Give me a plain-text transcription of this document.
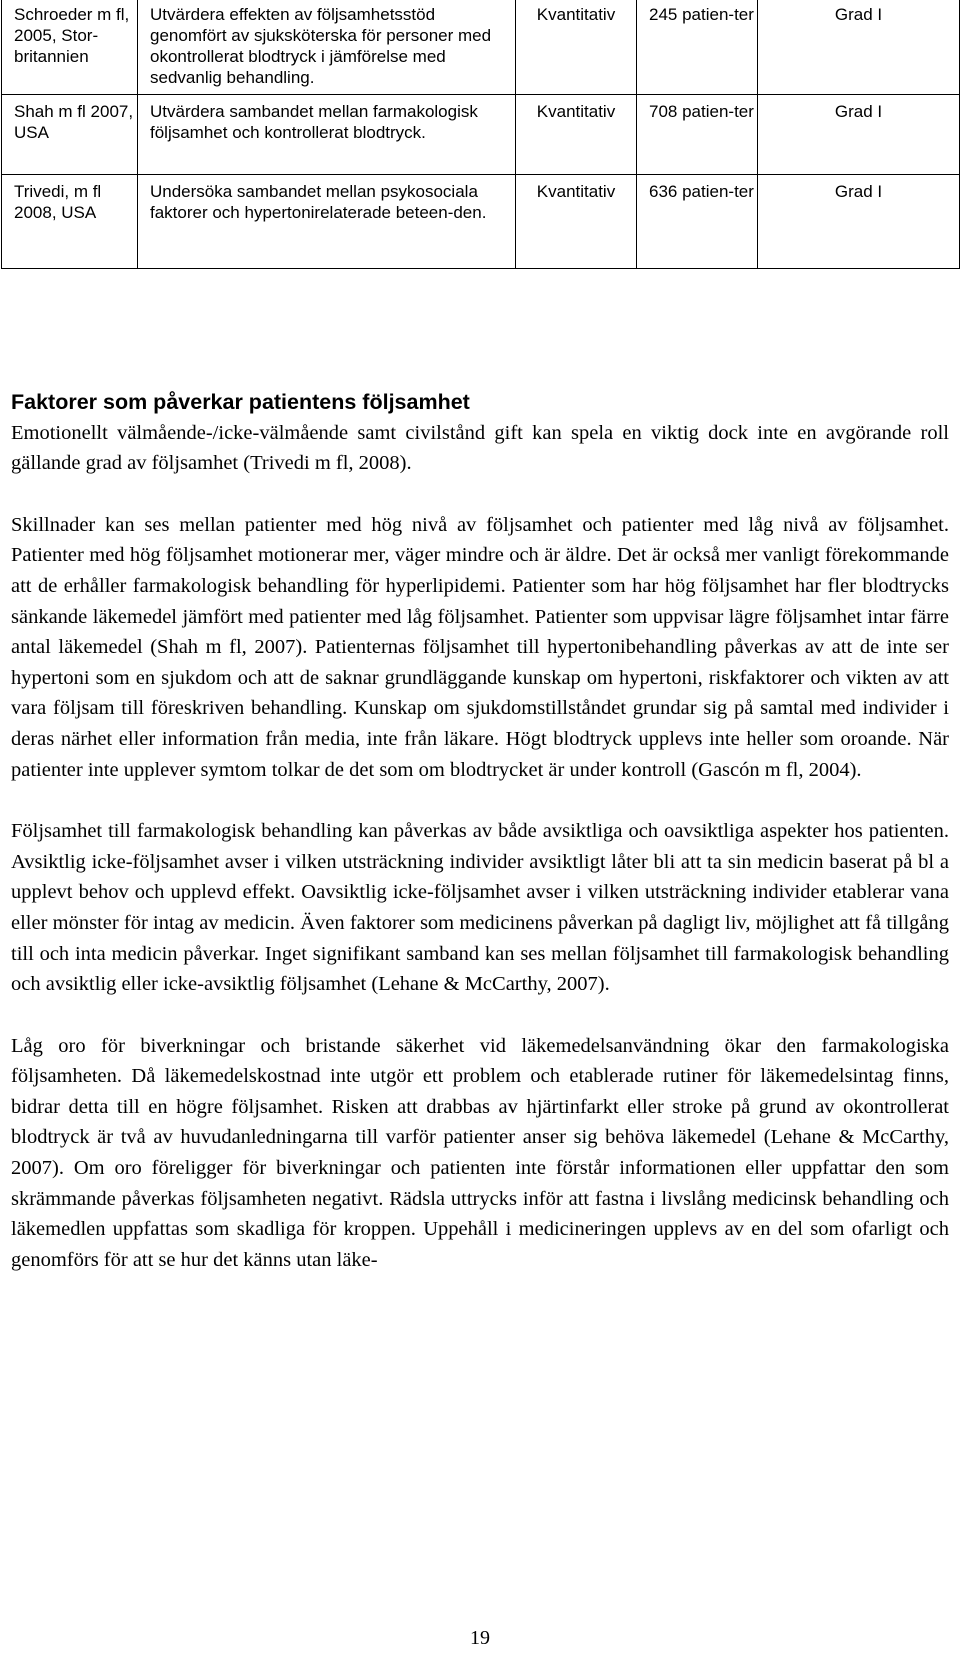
Schroeder m fl, 2005, Stor-britannien	Utvärdera effekten av följsamhetsstöd genomfört av sjuksköterska för personer med okontrollerat blodtryck i jämförelse med sedvanlig behandling.	Kvantitativ	245 patien-ter	Grad I
Shah m fl 2007, USA	Utvärdera sambandet mellan farmakologisk följsamhet och kontrollerat blodtryck.	Kvantitativ	708 patien-ter	Grad I
Trivedi, m fl 2008, USA	Undersöka sambandet mellan psykosociala faktorer och hypertonirelaterade beteen-den.	Kvantitativ	636 patien-ter	Grad I
Faktorer som påverkar patientens följsamhet

Emotionellt välmående-/icke-välmående samt civilstånd gift kan spela en viktig dock inte en avgörande roll gällande grad av följsamhet (Trivedi m fl, 2008).

Skillnader kan ses mellan patienter med hög nivå av följsamhet och patienter med låg nivå av följsamhet. Patienter med hög följsamhet motionerar mer, väger mindre och är äldre. Det är också mer vanligt förekommande att de erhåller farmakologisk behandling för hyperlipidemi. Patienter som har hög följsamhet har fler blodtrycks sänkande läkemedel jämfört med patienter med låg följsamhet. Patienter som uppvisar lägre följsamhet intar färre antal läkemedel (Shah m fl, 2007). Patienternas följsamhet till hypertonibehandling påverkas av att de inte ser hypertoni som en sjukdom och att de saknar grundläggande kunskap om hypertoni, riskfaktorer och vikten av att vara följsam till föreskriven behandling. Kunskap om sjukdomstillståndet grundar sig på samtal med individer i deras närhet eller information från media, inte från läkare. Högt blodtryck upplevs inte heller som oroande. När patienter inte upplever symtom tolkar de det som om blodtrycket är under kontroll (Gascón m fl, 2004).

Följsamhet till farmakologisk behandling kan påverkas av både avsiktliga och oavsiktliga aspekter hos patienten. Avsiktlig icke-följsamhet avser i vilken utsträckning individer avsiktligt låter bli att ta sin medicin baserat på bl a upplevt behov och upplevd effekt. Oavsiktlig icke-följsamhet avser i vilken utsträckning individer etablerar vana eller mönster för intag av medicin. Även faktorer som medicinens påverkan på dagligt liv, möjlighet att få tillgång till och inta medicin påverkar. Inget signifikant samband kan ses mellan följsamhet till farmakologisk behandling och avsiktlig eller icke-avsiktlig följsamhet (Lehane & McCarthy, 2007).

Låg oro för biverkningar och bristande säkerhet vid läkemedelsanvändning ökar den farmakologiska följsamheten. Då läkemedelskostnad inte utgör ett problem och etablerade rutiner för läkemedelsintag finns, bidrar detta till en högre följsamhet. Risken att drabbas av hjärtinfarkt eller stroke på grund av okontrollerat blodtryck är två av huvudanledningarna till varför patienter anser sig behöva läkemedel (Lehane & McCarthy, 2007). Om oro föreligger för biverkningar och patienten inte förstår informationen eller uppfattar den som skrämmande påverkas följsamheten negativt. Rädsla uttrycks inför att fastna i livslång medicinsk behandling och läkemedlen uppfattas som skadliga för kroppen. Uppehåll i medicineringen upplevs av en del som ofarligt och genomförs för att se hur det känns utan läke-

19
